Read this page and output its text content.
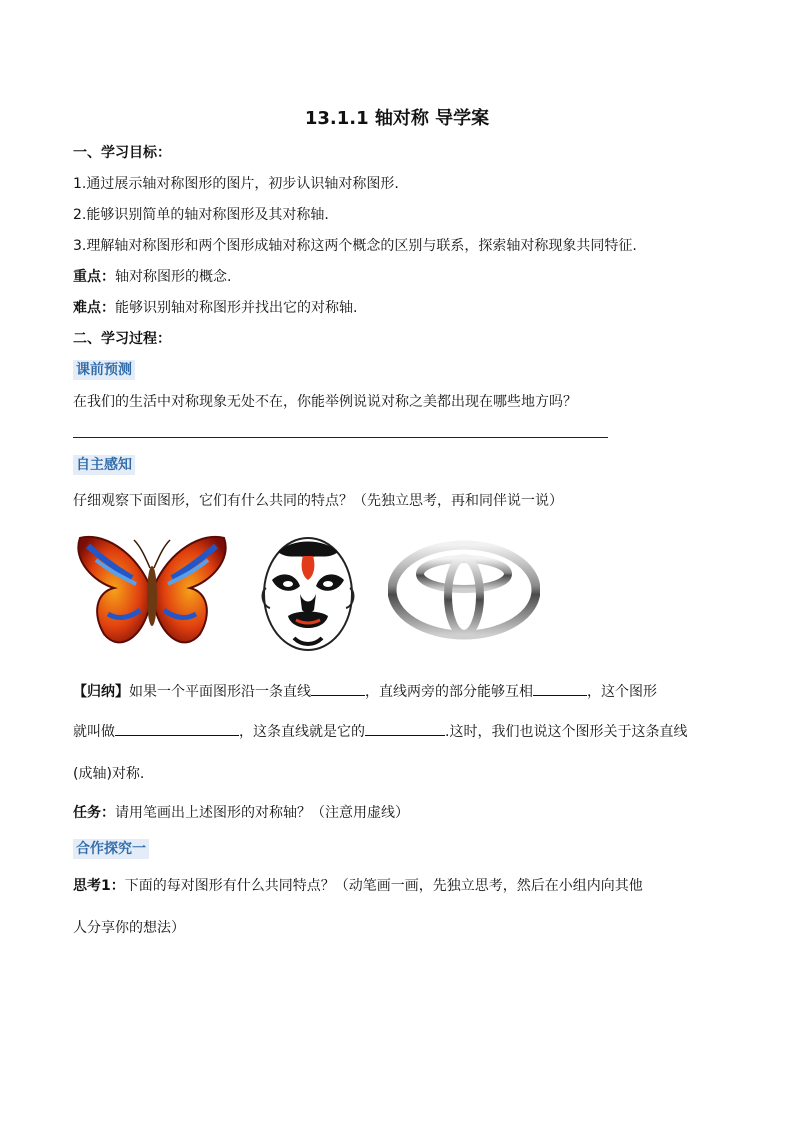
13.1.1 轴对称 导学案
一、学习目标：
1.通过展示轴对称图形的图片，初步认识轴对称图形.
2.能够识别简单的轴对称图形及其对称轴.
3.理解轴对称图形和两个图形成轴对称这两个概念的区别与联系，探索轴对称现象共同特征.
重点：轴对称图形的概念.
难点：能够识别轴对称图形并找出它的对称轴.
二、学习过程：
课前预测
在我们的生活中对称现象无处不在，你能举例说说对称之美都出现在哪些地方吗？
自主感知
仔细观察下面图形，它们有什么共同的特点？（先独立思考，再和同伴说一说）
【归纳】如果一个平面图形沿一条直线	，直线两旁的部分能够互相	，这个图形
就叫做	，这条直线就是它的	.这时，我们也说这个图形关于这条直线
(成轴)对称.
任务：请用笔画出上述图形的对称轴？（注意用虚线）
合作探究一
思考1：下面的每对图形有什么共同特点？（动笔画一画，先独立思考，然后在小组内向其他
人分享你的想法）
